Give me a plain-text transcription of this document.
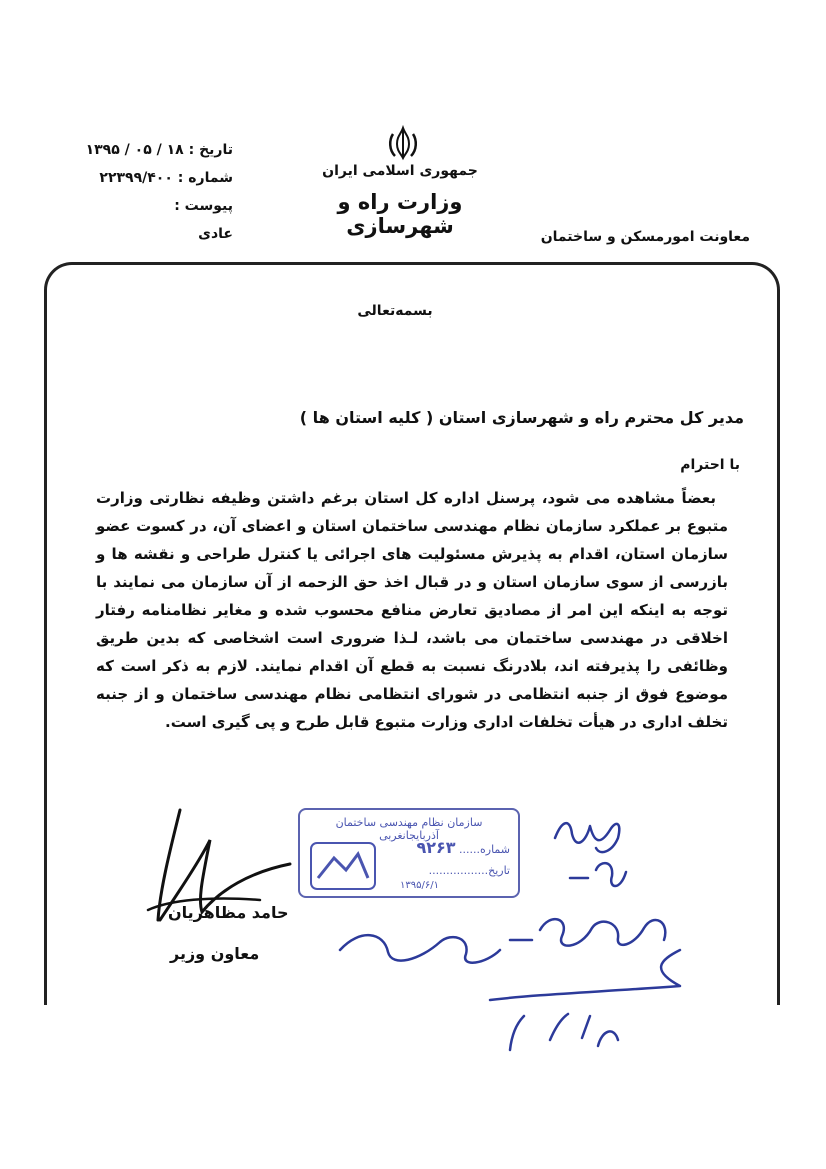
جمهوری اسلامی ایران
وزارت راه و شهرسازی	معاونت امورمسکن و ساختمان
تاریخ : ۱۸ / ۰۵ / ۱۳۹۵
شماره : ۲۲۳۹۹/۴۰۰
پیوست :
عادی
بسمه‌تعالی
مدیر کل محترم راه و شهرسازی استان ( کلیه استان ها )
با احترام
بعضاً مشاهده می شود، پرسنل اداره کل استان برغم داشتن وظیفه نظارتی وزارت متبوع بر عملکرد سازمان نظام مهندسی ساختمان استان و اعضای آن، در کسوت عضو سازمان استان، اقدام به پذیرش مسئولیت های اجرائی یا کنترل طراحی و نقشه ها و بازرسی از سوی سازمان استان و در قبال اخذ حق الزحمه از آن سازمان می نمایند با توجه به اینکه این امر از مصادیق تعارض منافع محسوب شده و مغایر نظامنامه رفتار اخلاقی در مهندسی ساختمان می باشد، لـذا ضروری است اشخاصی که بدین طریق وظائفی را پذیرفته اند، بلادرنگ نسبت به قطع آن اقدام نمایند. لازم به ذکر است که موضوع فوق از جنبه انتظامی در شورای انتظامی نظام مهندسی ساختمان و از جنبه تخلف اداری در هیأت تخلفات اداری وزارت متبوع قابل طرح و پی گیری است.
سازمان نظام مهندسی ساختمان آذربایجانغربی
شماره...... ۹۲۶۳
تاریخ.................
۱۳۹۵/۶/۱
حامد مظاهریان
معاون وزیر
